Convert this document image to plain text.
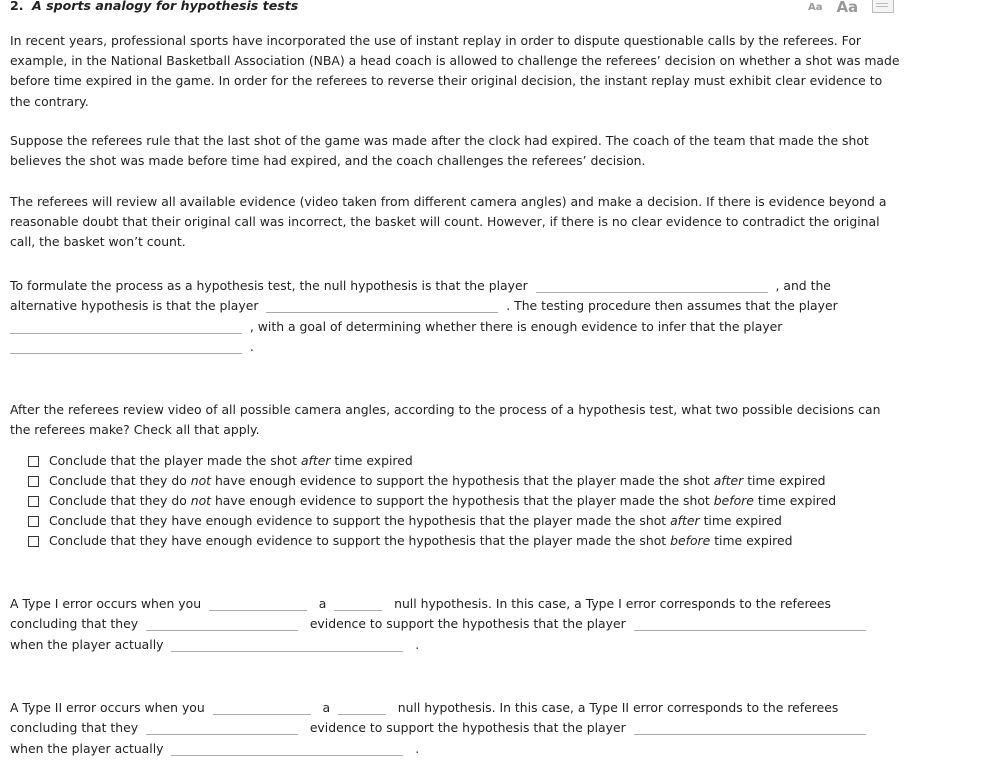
2. A sports analogy for hypothesis tests	Aa Aa

In recent years, professional sports have incorporated the use of instant replay in order to dispute questionable calls by the referees. For example, in the National Basketball Association (NBA) a head coach is allowed to challenge the referees’ decision on whether a shot was made before time expired in the game. In order for the referees to reverse their original decision, the instant replay must exhibit clear evidence to the contrary.

Suppose the referees rule that the last shot of the game was made after the clock had expired. The coach of the team that made the shot believes the shot was made before time had expired, and the coach challenges the referees’ decision.

The referees will review all available evidence (video taken from different camera angles) and make a decision. If there is evidence beyond a reasonable doubt that their original call was incorrect, the basket will count. However, if there is no clear evidence to contradict the original call, the basket won’t count.

To formulate the process as a hypothesis test, the null hypothesis is that the player	, and the alternative hypothesis is that the player	. The testing procedure then assumes that the player
, with a goal of determining whether there is enough evidence to infer that the player
.

After the referees review video of all possible camera angles, according to the process of a hypothesis test, what two possible decisions can the referees make? Check all that apply.

Conclude that the player made the shot after time expired
Conclude that they do not have enough evidence to support the hypothesis that the player made the shot after time expired
Conclude that they do not have enough evidence to support the hypothesis that the player made the shot before time expired
Conclude that they have enough evidence to support the hypothesis that the player made the shot after time expired
Conclude that they have enough evidence to support the hypothesis that the player made the shot before time expired

A Type I error occurs when you	a	null hypothesis. In this case, a Type I error corresponds to the referees concluding that they	evidence to support the hypothesis that the player     when the player actually	.

A Type II error occurs when you	a	null hypothesis. In this case, a Type II error corresponds to the referees concluding that they	evidence to support the hypothesis that the player     when the player actually	.
